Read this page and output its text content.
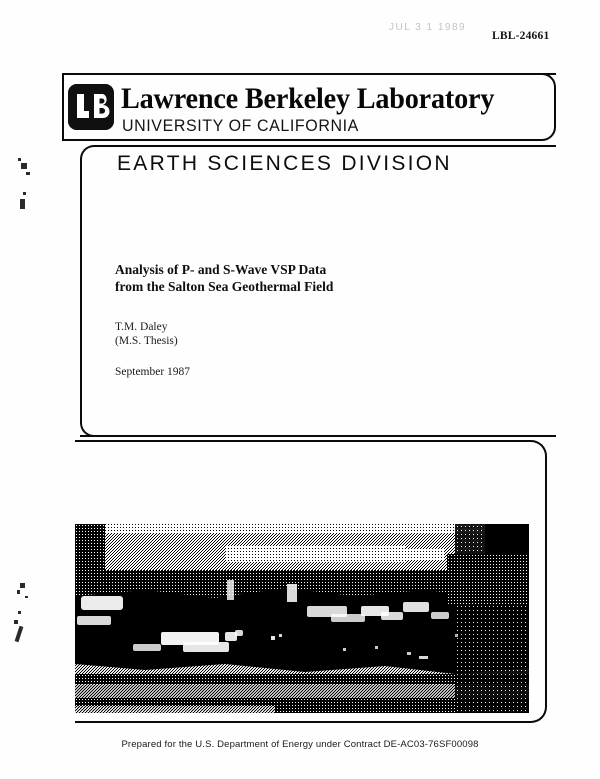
JUL 3 1 1989
LBL-24661
Lawrence Berkeley Laboratory
UNIVERSITY OF CALIFORNIA
EARTH SCIENCES DIVISION
Analysis of P- and S-Wave VSP Data
from the Salton Sea Geothermal Field
T.M. Daley
(M.S. Thesis)
September 1987
Prepared for the U.S. Department of Energy under Contract DE-AC03-76SF00098
